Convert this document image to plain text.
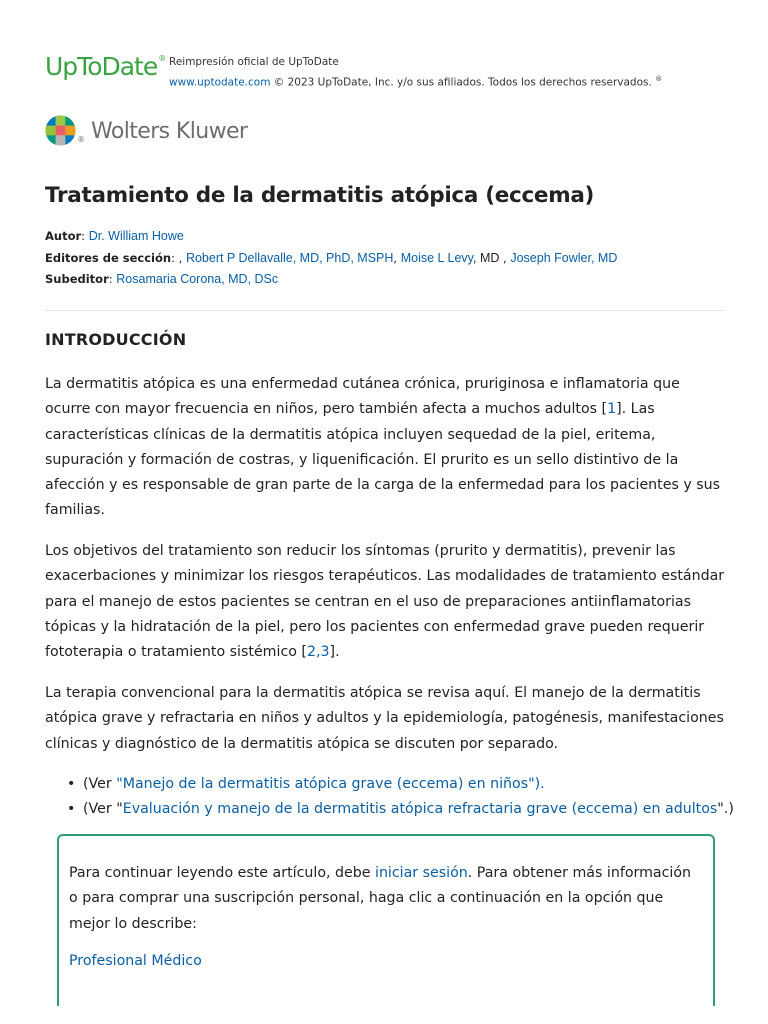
UpToDate® Reimpresión oficial de UpToDate
www.uptodate.com © 2023 UpToDate, Inc. y/o sus afiliados. Todos los derechos reservados. ®
® Wolters Kluwer
Tratamiento de la dermatitis atópica (eccema)
Autor: Dr. William Howe
Editores de sección: , Robert P Dellavalle, MD, PhD, MSPH, Moise L Levy, MD , Joseph Fowler, MD
Subeditor: Rosamaria Corona, MD, DSc
INTRODUCCIÓN

La dermatitis atópica es una enfermedad cutánea crónica, pruriginosa e inflamatoria que ocurre con mayor frecuencia en niños, pero también afecta a muchos adultos [1]. Las características clínicas de la dermatitis atópica incluyen sequedad de la piel, eritema, supuración y formación de costras, y liquenificación. El prurito es un sello distintivo de la afección y es responsable de gran parte de la carga de la enfermedad para los pacientes y sus familias.

Los objetivos del tratamiento son reducir los síntomas (prurito y dermatitis), prevenir las exacerbaciones y minimizar los riesgos terapéuticos. Las modalidades de tratamiento estándar para el manejo de estos pacientes se centran en el uso de preparaciones antiinflamatorias tópicas y la hidratación de la piel, pero los pacientes con enfermedad grave pueden requerir fototerapia o tratamiento sistémico [2,3].

La terapia convencional para la dermatitis atópica se revisa aquí. El manejo de la dermatitis atópica grave y refractaria en niños y adultos y la epidemiología, patogénesis, manifestaciones clínicas y diagnóstico de la dermatitis atópica se discuten por separado.

• (Ver "Manejo de la dermatitis atópica grave (eccema) en niños").
• (Ver "Evaluación y manejo de la dermatitis atópica refractaria grave (eccema) en adultos".)

Para continuar leyendo este artículo, debe iniciar sesión. Para obtener más información o para comprar una suscripción personal, haga clic a continuación en la opción que mejor lo describe:

Profesional Médico
